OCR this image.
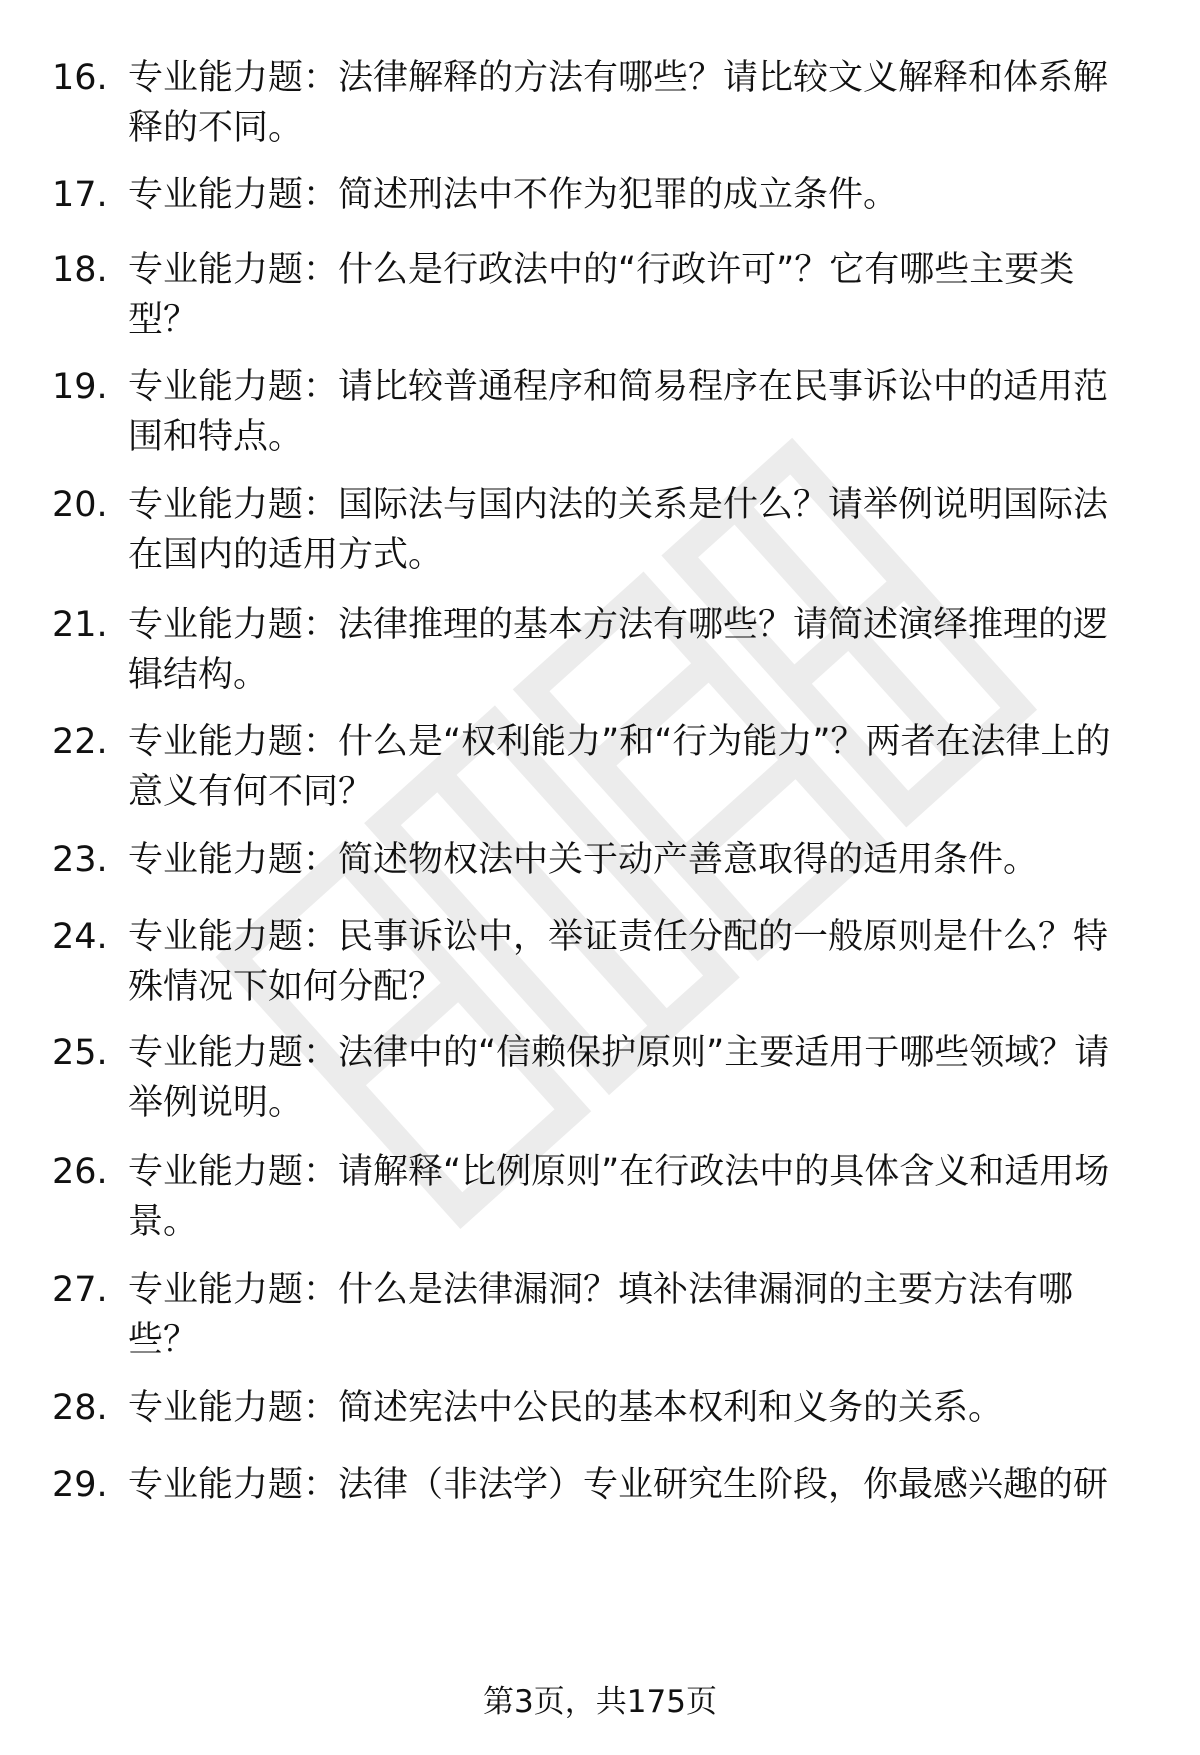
16. 专业能力题：法律解释的方法有哪些？请比较文义解释和体系解释的不同。
17. 专业能力题：简述刑法中不作为犯罪的成立条件。
18. 专业能力题：什么是行政法中的“行政许可”？它有哪些主要类型？
19. 专业能力题：请比较普通程序和简易程序在民事诉讼中的适用范围和特点。
20. 专业能力题：国际法与国内法的关系是什么？请举例说明国际法在国内的适用方式。
21. 专业能力题：法律推理的基本方法有哪些？请简述演绎推理的逻辑结构。
22. 专业能力题：什么是“权利能力”和“行为能力”？两者在法律上的意义有何不同？
23. 专业能力题：简述物权法中关于动产善意取得的适用条件。
24. 专业能力题：民事诉讼中，举证责任分配的一般原则是什么？特殊情况下如何分配？
25. 专业能力题：法律中的“信赖保护原则”主要适用于哪些领域？请举例说明。
26. 专业能力题：请解释“比例原则”在行政法中的具体含义和适用场景。
27. 专业能力题：什么是法律漏洞？填补法律漏洞的主要方法有哪些？
28. 专业能力题：简述宪法中公民的基本权利和义务的关系。
29. 专业能力题：法律（非法学）专业研究生阶段，你最感兴趣的研
第3页，共175页
